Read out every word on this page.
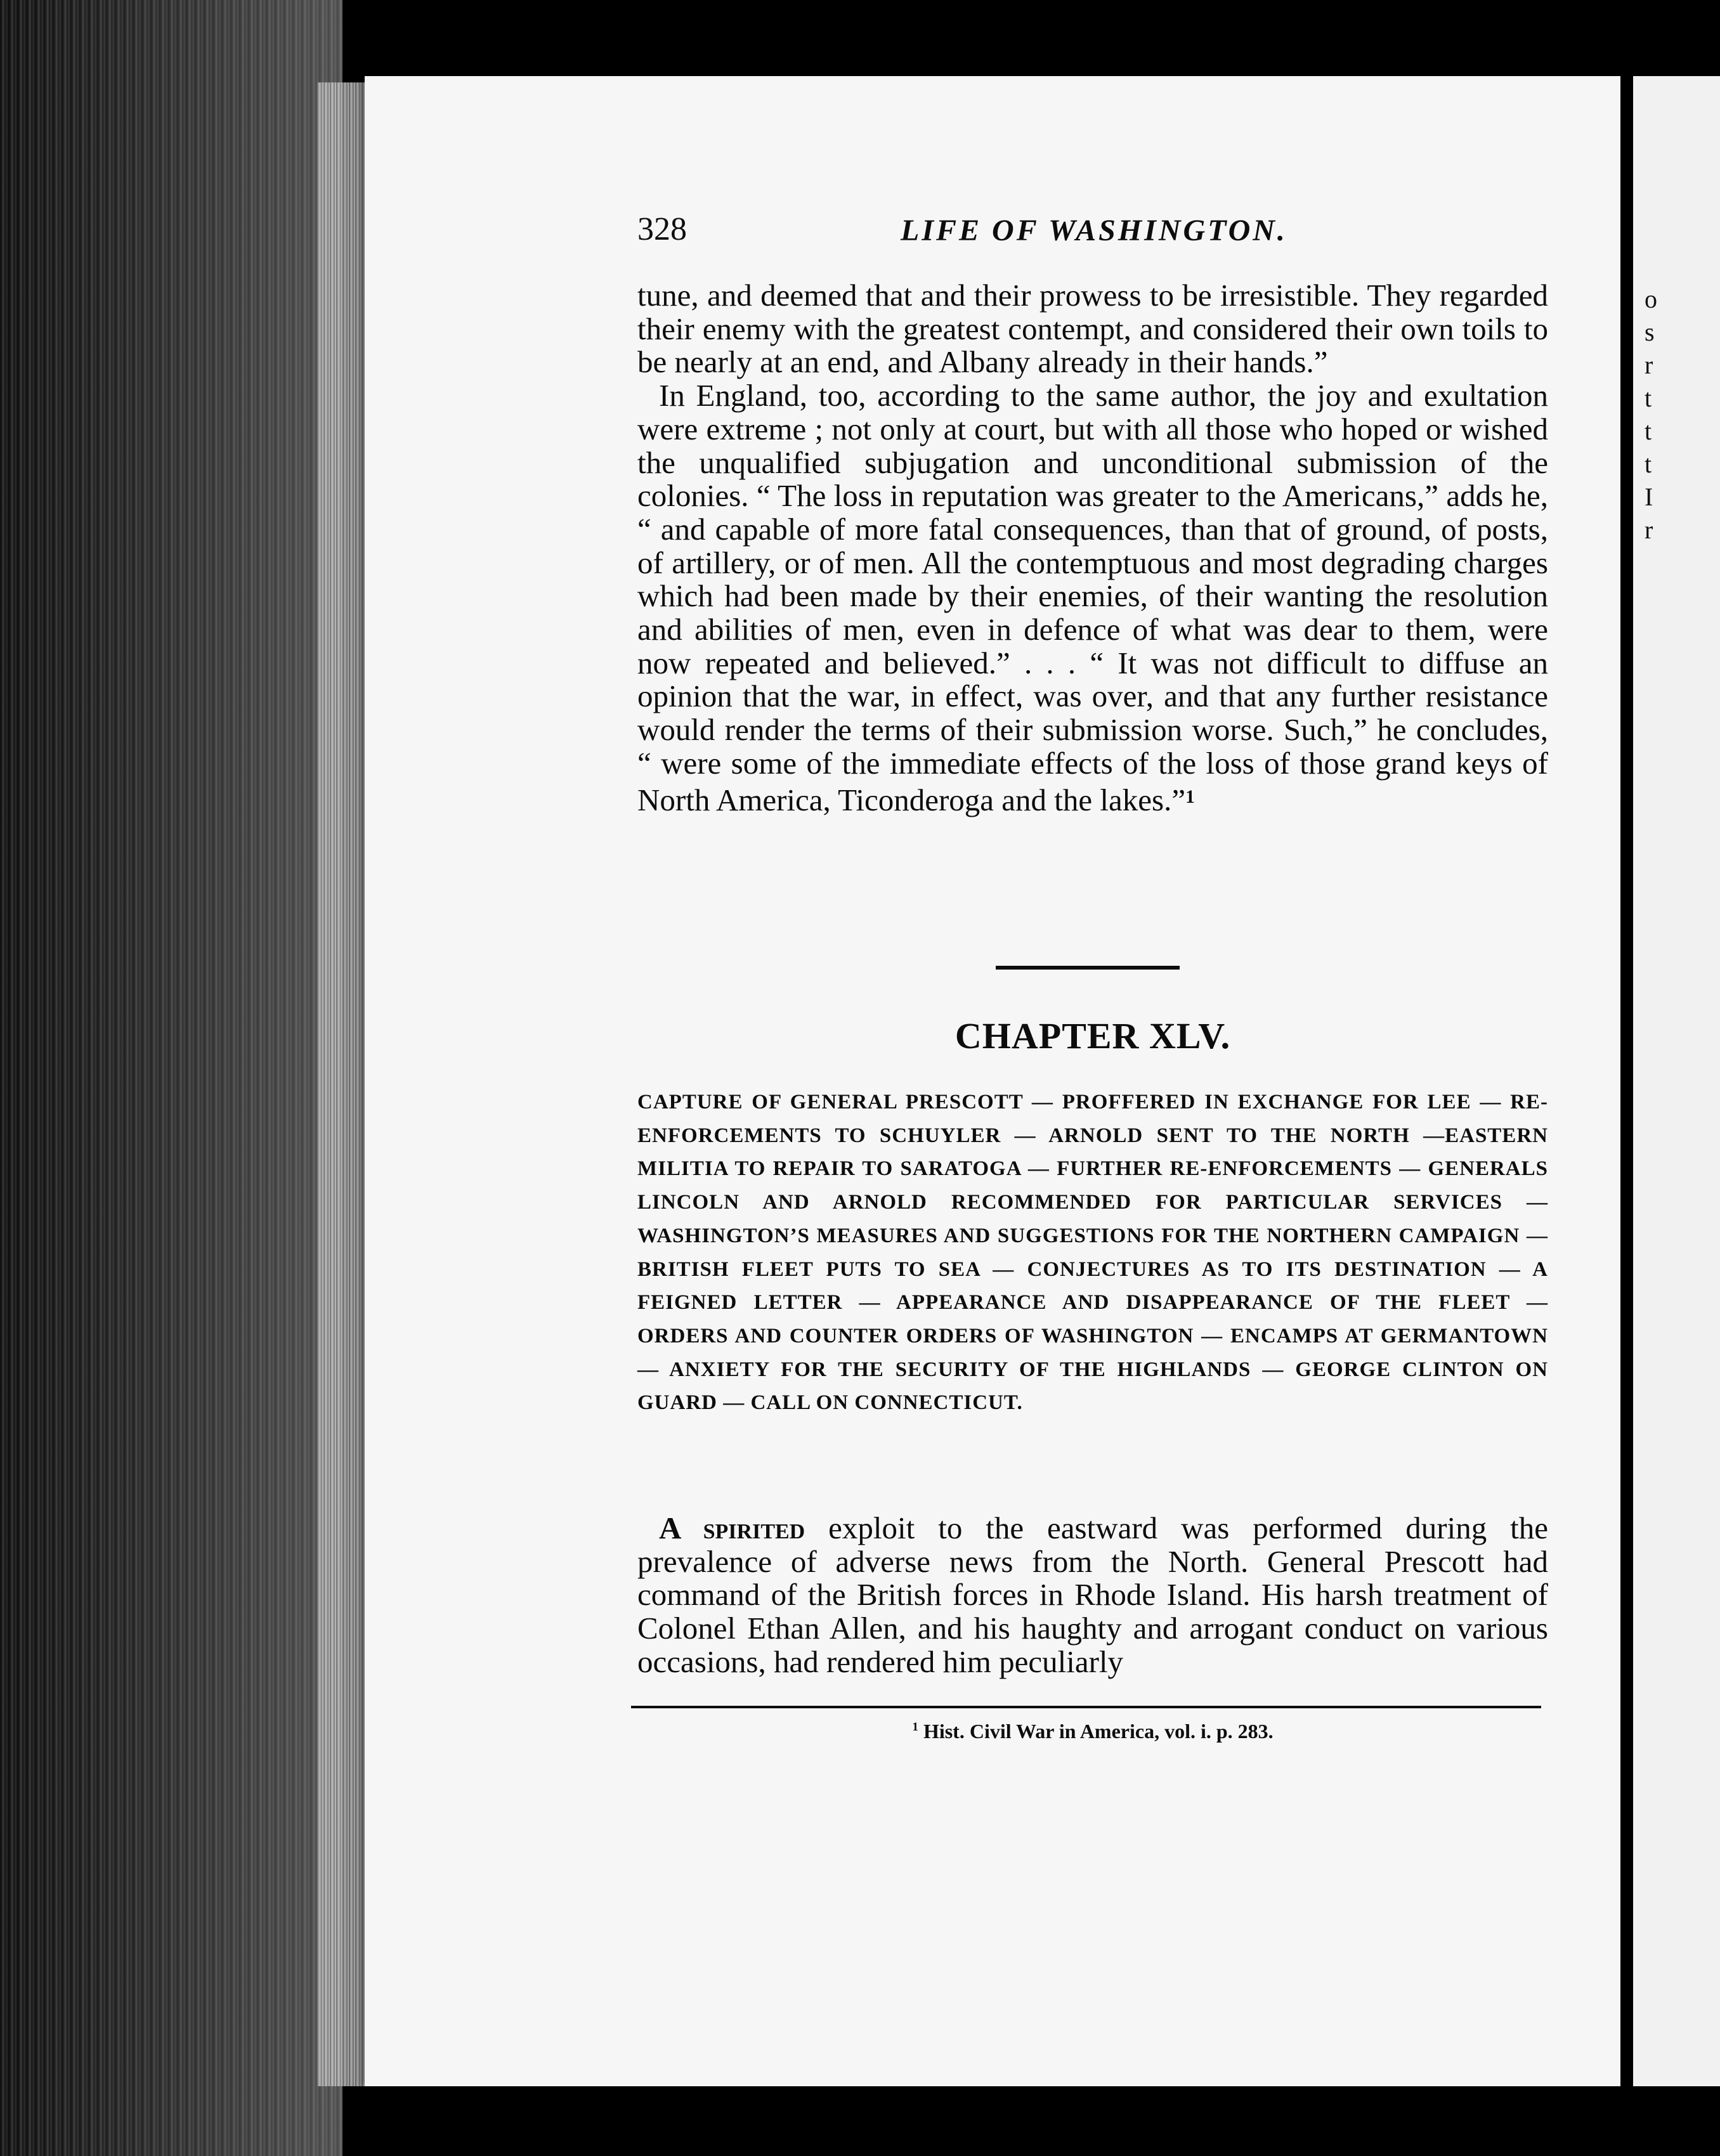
o
s
r
t
t
t
I
r
328	LIFE OF WASHINGTON.

tune, and deemed that and their prowess to be irresistible. They regarded their enemy with the greatest contempt, and considered their own toils to be nearly at an end, and Albany already in their hands.”

In England, too, according to the same author, the joy and exultation were extreme ; not only at court, but with all those who hoped or wished the unqualified subjugation and unconditional submission of the colonies. “ The loss in reputation was greater to the Americans,” adds he, “ and capable of more fatal consequences, than that of ground, of posts, of artillery, or of men. All the contemptuous and most degrading charges which had been made by their enemies, of their wanting the resolution and abilities of men, even in defence of what was dear to them, were now repeated and believed.” . . . “ It was not difficult to diffuse an opinion that the war, in effect, was over, and that any further resistance would render the terms of their submission worse. Such,” he concludes, “ were some of the immediate effects of the loss of those grand keys of North America, Ticonderoga and the lakes.”$^1$

CHAPTER XLV.
CAPTURE OF GENERAL PRESCOTT — PROFFERED IN EXCHANGE FOR LEE — RE-ENFORCEMENTS TO SCHUYLER — ARNOLD SENT TO THE NORTH —EASTERN MILITIA TO REPAIR TO SARATOGA — FURTHER RE-ENFORCEMENTS — GENERALS LINCOLN AND ARNOLD RECOMMENDED FOR PARTICULAR SERVICES — WASHINGTON’S MEASURES AND SUGGESTIONS FOR THE NORTHERN CAMPAIGN — BRITISH FLEET PUTS TO SEA — CONJECTURES AS TO ITS DESTINATION — A FEIGNED LETTER — APPEARANCE AND DISAPPEARANCE OF THE FLEET — ORDERS AND COUNTER ORDERS OF WASHINGTON — ENCAMPS AT GERMANTOWN — ANXIETY FOR THE SECURITY OF THE HIGHLANDS — GEORGE CLINTON ON GUARD — CALL ON CONNECTICUT.

A spirited exploit to the eastward was performed during the prevalence of adverse news from the North. General Prescott had command of the British forces in Rhode Island. His harsh treatment of Colonel Ethan Allen, and his haughty and arrogant conduct on various occasions, had rendered him peculiarly

$^1$ Hist. Civil War in America, vol. i. p. 283.
